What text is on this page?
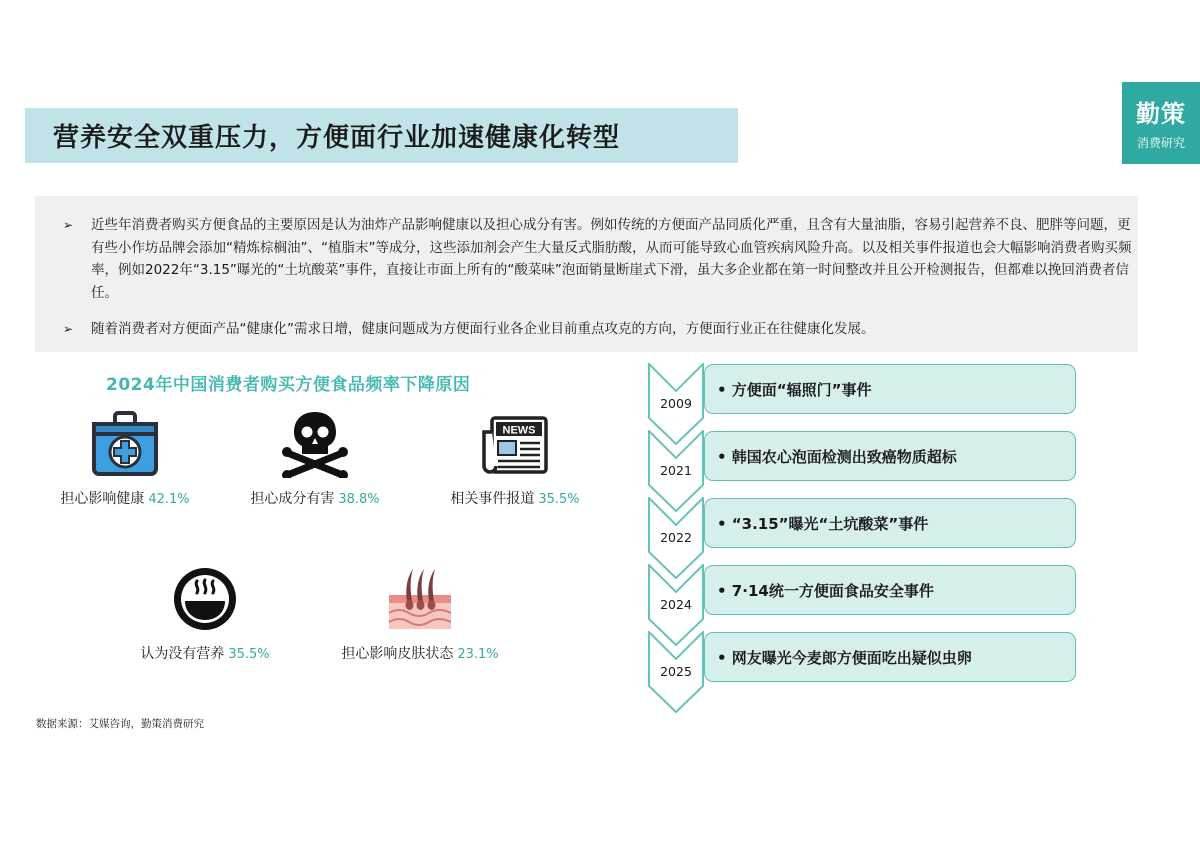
营养安全双重压力，方便面行业加速健康化转型
勤策
消费研究
➢ 近些年消费者购买方便食品的主要原因是认为油炸产品影响健康以及担心成分有害。例如传统的方便面产品同质化严重，且含有大量油脂，容易引起营养不良、肥胖等问题，更有些小作坊品牌会添加“精炼棕榈油”、“植脂末”等成分，这些添加剂会产生大量反式脂肪酸，从而可能导致心血管疾病风险升高。以及相关事件报道也会大幅影响消费者购买频率，例如2022年“3.15”曝光的“土坑酸菜”事件，直接让市面上所有的“酸菜味”泡面销量断崖式下滑，虽大多企业都在第一时间整改并且公开检测报告，但都难以挽回消费者信任。
➢ 随着消费者对方便面产品“健康化”需求日增，健康问题成为方便面行业各企业目前重点攻克的方向，方便面行业正在往健康化发展。
2024年中国消费者购买方便食品频率下降原因
担心影响健康 42.1%	担心成分有害 38.8%
NEWS
相关事件报道 35.5%
认为没有营养 35.5%	担心影响皮肤状态 23.1%
数据来源：艾媒咨询，勤策消费研究
2009
• 方便面“辐照门”事件
2021
• 韩国农心泡面检测出致癌物质超标
2022
• “3.15”曝光“土坑酸菜”事件
2024
• 7·14统一方便面食品安全事件
2025
• 网友曝光今麦郎方便面吃出疑似虫卵
